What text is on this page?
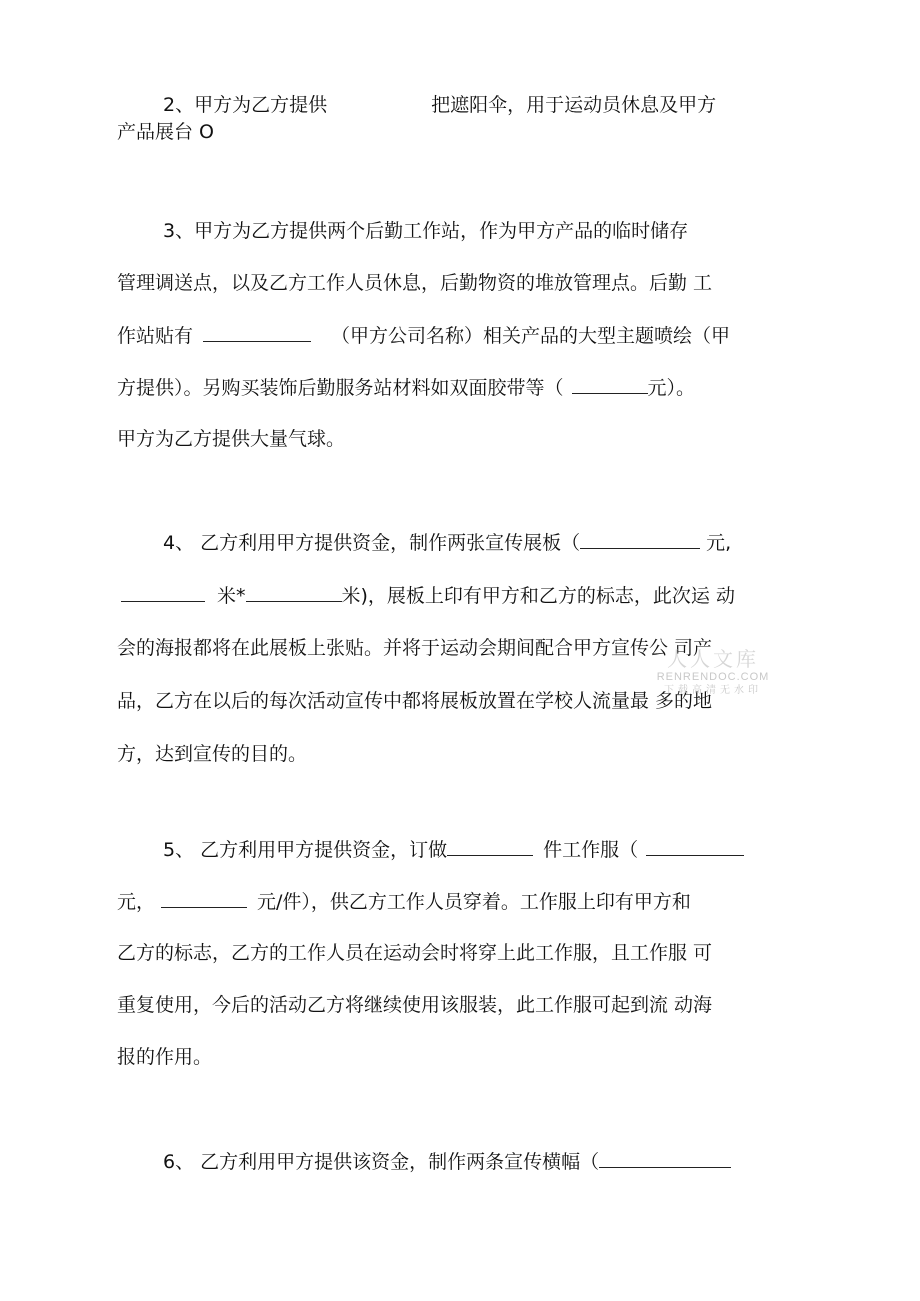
2、甲方为乙方提供	把遮阳伞，用于运动员休息及甲方
产品展台 O
3、甲方为乙方提供两个后勤工作站，作为甲方产品的临时储存
管理调送点，以及乙方工作人员休息，后勤物资的堆放管理点。后勤 工
作站贴有	（甲方公司名称）相关产品的大型主题喷绘（甲
方提供）。另购买装饰后勤服务站材料如双面胶带等（	元）。
甲方为乙方提供大量气球。
4、 乙方利用甲方提供资金，制作两张宣传展板（	元,
米*	米)，展板上印有甲方和乙方的标志，此次运 动
会的海报都将在此展板上张贴。并将于运动会期间配合甲方宣传公 司产
品，乙方在以后的每次活动宣传中都将展板放置在学校人流量最 多的地
方，达到宣传的目的。
5、 乙方利用甲方提供资金，订做	件工作服（
元，	元/件），供乙方工作人员穿着。工作服上印有甲方和
乙方的标志，乙方的工作人员在运动会时将穿上此工作服，且工作服 可
重复使用，今后的活动乙方将继续使用该服装，此工作服可起到流 动海
报的作用。
6、 乙方利用甲方提供该资金，制作两条宣传横幅（
人人文库
RENRENDOC.COM
下载高清无水印
